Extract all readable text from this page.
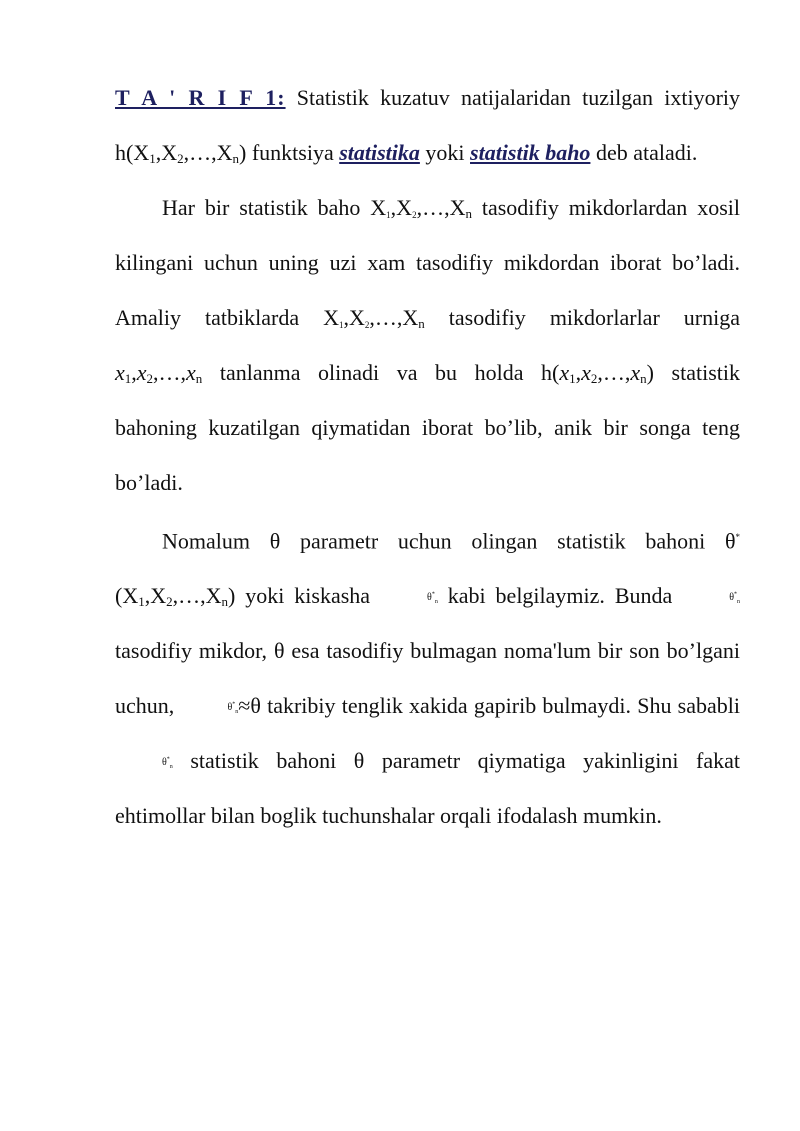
T A ' R I F 1: Statistik kuzatuv natijalaridan tuzilgan ixtiyoriy $h(X_1,X_2,\dots,X_n)$ funktsiya statistika yoki statistik baho deb ataladi.

Har bir statistik baho $X_1,X_2,\dots,X_n$ tasodifiy mikdorlardan xosil kilingani uchun uning uzi xam tasodifiy mikdordan iborat bo’ladi. Amaliy tatbiklarda $X_1,X_2,\dots,X_n$ tasodifiy mikdorlarlar urniga $x_1,x_2,\dots,x_n$ tanlanma olinadi va bu holda $h(x_1,x_2,\dots,x_n)$ statistik bahoning kuzatilgan qiymatidan iborat bo’lib, anik bir songa teng bo’ladi.

Nomalum θ parametr uchun olingan statistik bahoni θ* $(X_1,X_2,\dots,X_n)$ yoki kiskasha	$\theta^*_n$ kabi belgilaymiz. Bunda	$\theta^*_n$ tasodifiy mikdor, θ esa tasodifiy bulmagan noma'lum bir son bo’lgani uchun,	$\theta^*_n\approx\theta$ takribiy tenglik xakida gapirib bulmaydi. Shu sababli $\theta^*_n$ statistik bahoni θ parametr qiymatiga yakinligini fakat ehtimollar bilan boglik tuchunshalar orqali ifodalash mumkin.
